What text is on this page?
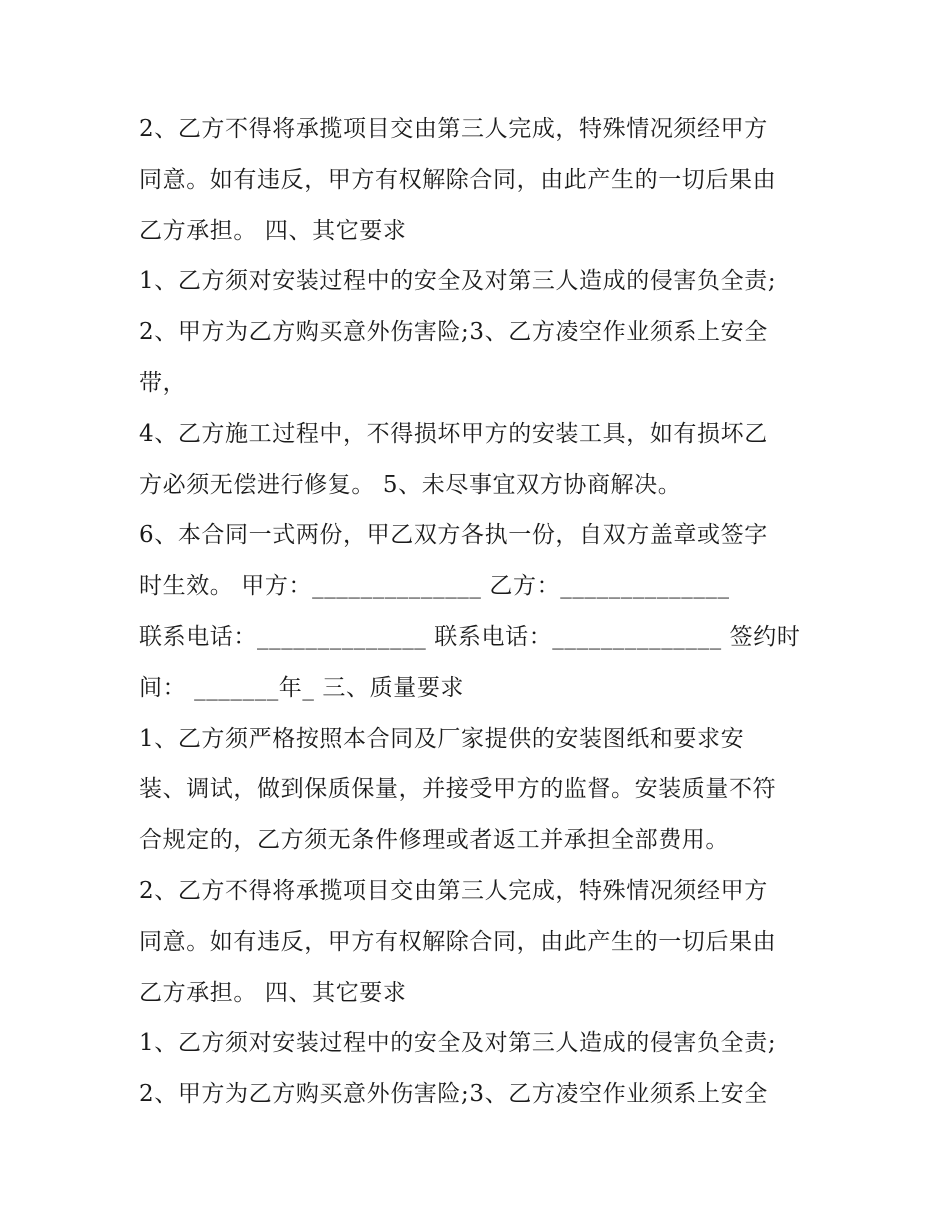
2、乙方不得将承揽项目交由第三人完成，特殊情况须经甲方
同意。如有违反，甲方有权解除合同，由此产生的一切后果由
乙方承担。 四、其它要求
1、乙方须对安装过程中的安全及对第三人造成的侵害负全责;
2、甲方为乙方购买意外伤害险;3、乙方凌空作业须系上安全
带，
4、乙方施工过程中，不得损坏甲方的安装工具，如有损坏乙
方必须无偿进行修复。 5、未尽事宜双方协商解决。
6、本合同一式两份，甲乙双方各执一份，自双方盖章或签字
时生效。 甲方：______________ 乙方：______________
联系电话：______________ 联系电话：______________ 签约时
间： _______年_ 三、质量要求
1、乙方须严格按照本合同及厂家提供的安装图纸和要求安
装、调试，做到保质保量，并接受甲方的监督。安装质量不符
合规定的，乙方须无条件修理或者返工并承担全部费用。
2、乙方不得将承揽项目交由第三人完成，特殊情况须经甲方
同意。如有违反，甲方有权解除合同，由此产生的一切后果由
乙方承担。 四、其它要求
1、乙方须对安装过程中的安全及对第三人造成的侵害负全责;
2、甲方为乙方购买意外伤害险;3、乙方凌空作业须系上安全
